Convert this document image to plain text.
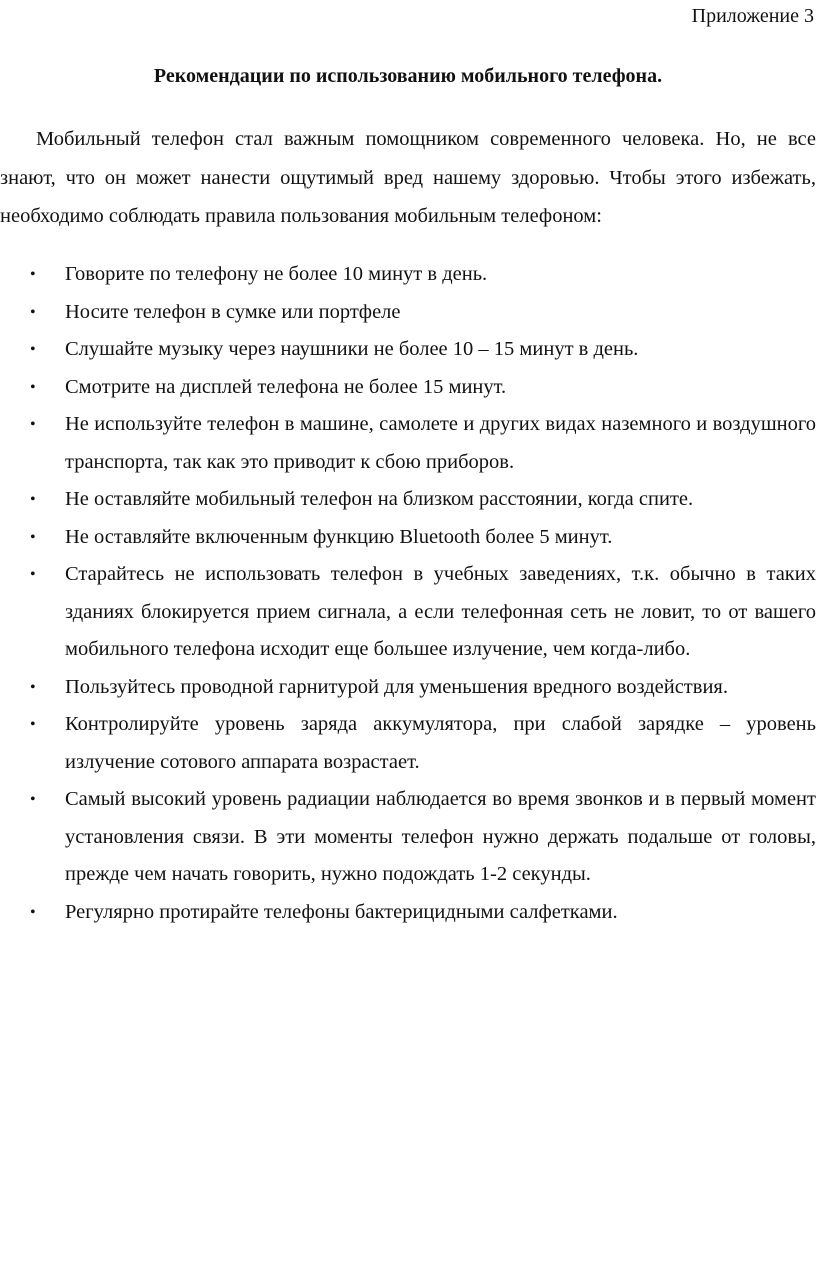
Приложение 3
Рекомендации по использованию мобильного телефона.

Мобильный телефон стал важным помощником современного человека. Но, не все знают, что он может нанести ощутимый вред нашему здоровью. Чтобы этого избежать, необходимо соблюдать правила пользования мобильным телефоном:

• Говорите по телефону не более 10 минут в день.
• Носите телефон в сумке или портфеле
• Слушайте музыку через наушники не более 10 – 15 минут в день.
• Смотрите на дисплей телефона не более 15 минут.
• Не используйте телефон в машине, самолете и других видах наземного и воздушного транспорта, так как это приводит к сбою приборов.
• Не оставляйте мобильный телефон на близком расстоянии, когда спите.
• Не оставляйте включенным функцию Bluetooth более 5 минут.
• Старайтесь не использовать телефон в учебных заведениях, т.к. обычно в таких зданиях блокируется прием сигнала, а если телефонная сеть не ловит, то от вашего мобильного телефона исходит еще большее излучение, чем когда-либо.
• Пользуйтесь проводной гарнитурой для уменьшения вредного воздействия.
• Контролируйте уровень заряда аккумулятора, при слабой зарядке – уровень излучение сотового аппарата возрастает.
• Самый высокий уровень радиации наблюдается во время звонков и в первый момент установления связи. В эти моменты телефон нужно держать подальше от головы, прежде чем начать говорить, нужно подождать 1-2 секунды.
• Регулярно протирайте телефоны бактерицидными салфетками.
